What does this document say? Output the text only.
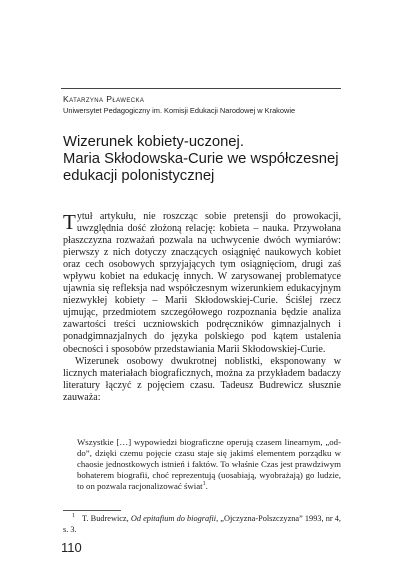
Katarzyna Pławecka
Uniwersytet Pedagogiczny im. Komisji Edukacji Narodowej w Krakowie
Wizerunek kobiety-uczonej.
Maria Skłodowska-Curie we współczesnej
edukacji polonistycznej

Tytuł artykułu, nie roszcząc sobie pretensji do prowokacji, uwzględnia dość złożoną relację: kobieta – nauka. Przywołana płaszczyzna rozważań pozwala na uchwycenie dwóch wymiarów: pierwszy z nich dotyczy znaczących osiągnięć naukowych kobiet oraz cech osobowych sprzyjających tym osiągnięciom, drugi zaś wpływu kobiet na edukację innych. W zarysowanej problematyce ujawnia się refleksja nad współczesnym wizerunkiem edukacyjnym niezwykłej kobiety – Marii Skłodowskiej-Curie. Ściślej rzecz ujmując, przedmiotem szczegółowego rozpoznania będzie analiza zawartości treści uczniowskich podręczników gimnazjalnych i ponadgimnazjalnych do języka polskiego pod kątem ustalenia obecności i sposobów przedstawiania Marii Skłodowskiej-Curie.

Wizerunek osobowy dwukrotnej noblistki, eksponowany w licznych materiałach biograficznych, można za przykładem badaczy literatury łączyć z pojęciem czasu. Tadeusz Budrewicz słusznie zauważa:

Wszystkie […] wypowiedzi biograficzne operują czasem linearnym, „od-do”, dzięki czemu pojęcie czasu staje się jakimś elementem porządku w chaosie jednostkowych istnień i faktów. To właśnie Czas jest prawdziwym bohaterem biografii, choć reprezentują (uosabiają, wyobrażają) go ludzie, to on pozwala racjonalizować świat$^1$.

1 T. Budrewicz, Od epitafium do biografii, „Ojczyzna-Polszczyzna” 1993, nr 4, s. 3.

110
